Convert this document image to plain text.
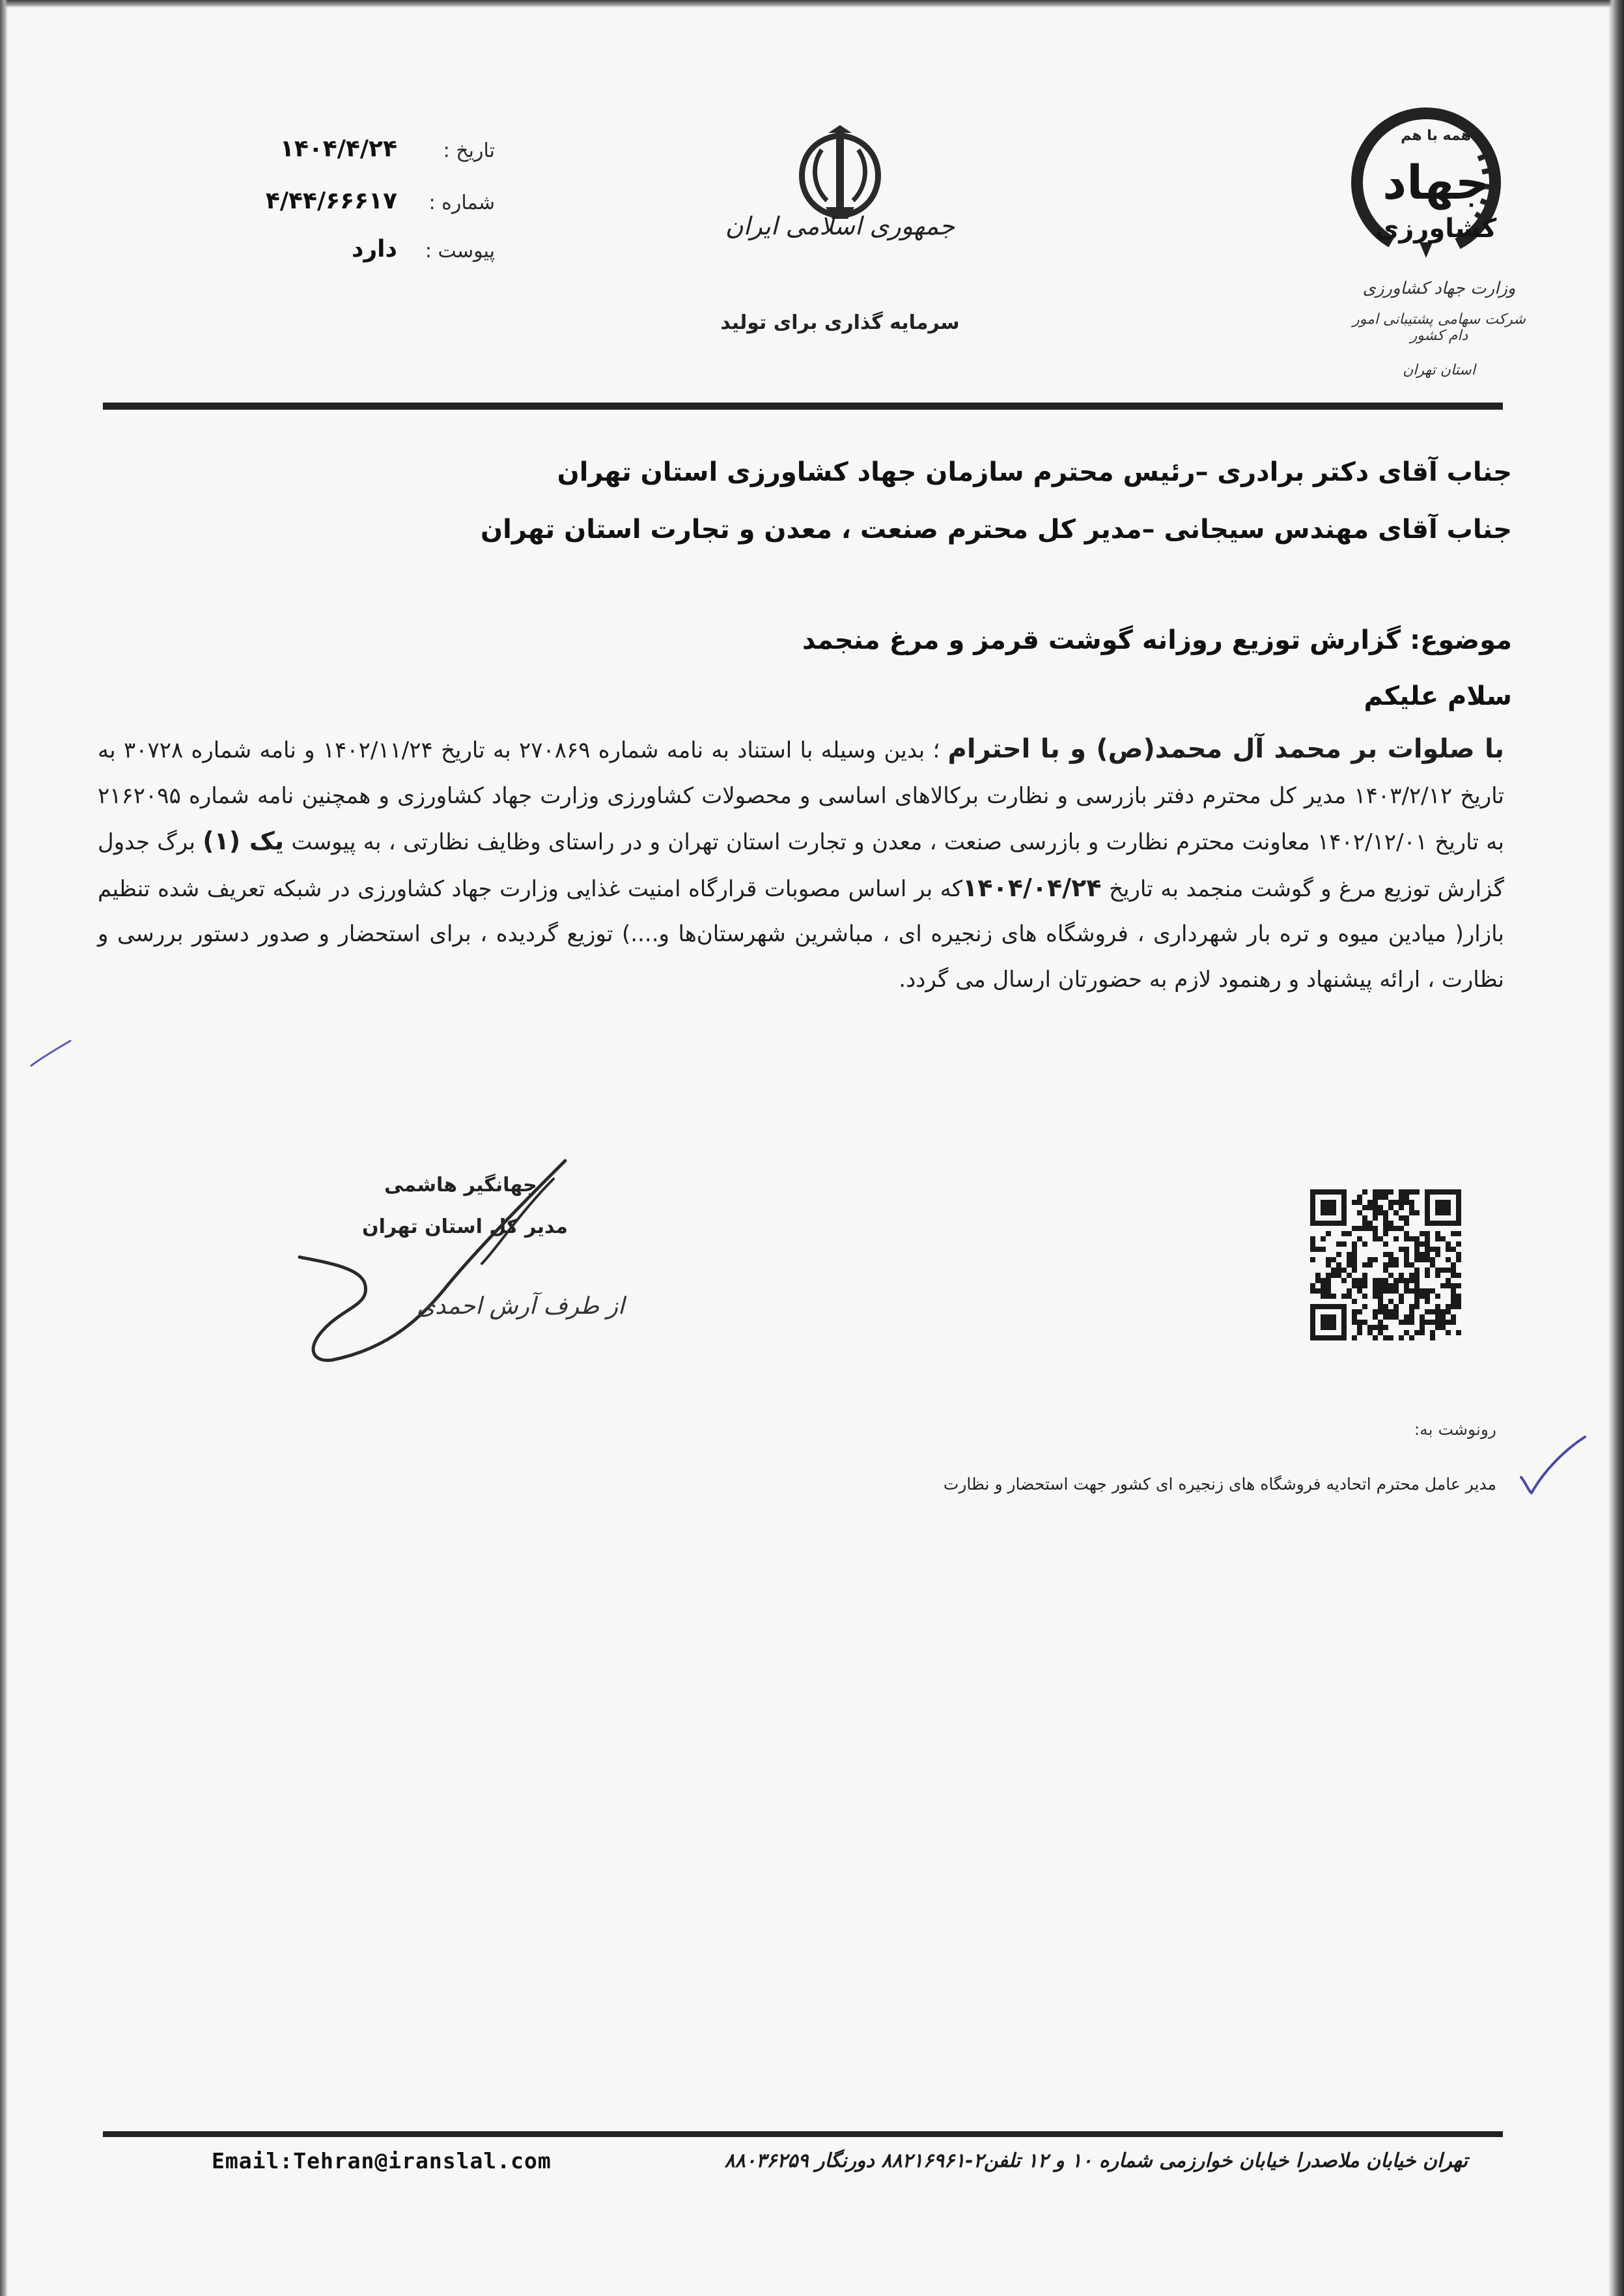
تاریخ :
۱۴۰۴/۴/۲۴
شماره :
۴/۴۴/۶۶۶۱۷
پیوست :
دارد
جمهوری اسلامی ایران
سرمایه گذاری برای تولید
همه با هم
جهاد
کشاورزی
وزارت جهاد کشاورزی
شرکت سهامی پشتیبانی امور دام کشور
استان تهران
جناب آقای دکتر برادری –رئیس محترم سازمان جهاد کشاورزی استان تهران
جناب آقای مهندس سیجانی –مدیر کل محترم صنعت ، معدن و تجارت استان تهران
موضوع: گزارش توزیع روزانه گوشت قرمز و مرغ منجمد
سلام علیکم
با صلوات بر محمد آل محمد(ص) و با احترام ؛ بدین وسیله با استناد به نامه شماره ۲۷۰۸۶۹ به تاریخ ۱۴۰۲/۱۱/۲۴ و نامه شماره ۳۰۷۲۸ به تاریخ ۱۴۰۳/۲/۱۲ مدیر کل محترم دفتر بازرسی و نظارت برکالاهای اساسی و محصولات کشاورزی وزارت جهاد کشاورزی و همچنین نامه شماره ۲۱۶۲۰۹۵ به تاریخ ۱۴۰۲/۱۲/۰۱ معاونت محترم نظارت و بازرسی صنعت ، معدن و تجارت استان تهران و در راستای وظایف نظارتی ، به پیوست یک (۱) برگ جدول گزارش توزیع مرغ و گوشت منجمد به تاریخ ۱۴۰۴/۰۴/۲۴که بر اساس مصوبات قرارگاه امنیت غذایی وزارت جهاد کشاورزی در شبکه تعریف شده تنظیم بازار( میادین میوه و تره بار شهرداری ، فروشگاه های زنجیره ای ، مباشرین شهرستان‌ها و....) توزیع گردیده ، برای استحضار و صدور دستور بررسی و نظارت ، ارائه پیشنهاد و رهنمود لازم به حضورتان ارسال می گردد.
جهانگیر هاشمی
مدیر کل استان تهران
از طرف آرش احمدی
رونوشت به:
مدیر عامل محترم اتحادیه فروشگاه های زنجیره ای کشور جهت استحضار و نظارت
Email:Tehran@iranslal.com	تهران خیابان ملاصدرا خیابان خوارزمی شماره ۱۰ و ۱۲ تلفن۲-۸۸۲۱۶۹۶۱ دورنگار ۸۸۰۳۶۲۵۹
